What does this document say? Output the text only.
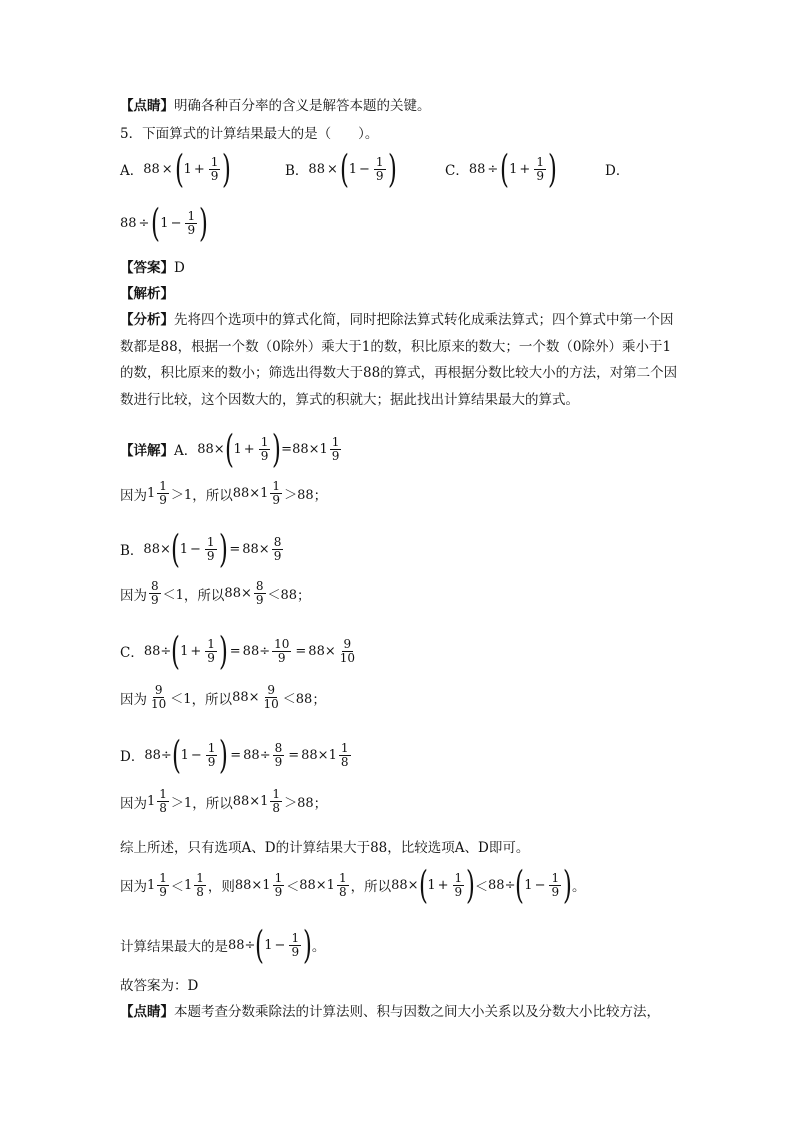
【点睛】明确各种百分率的含义是解答本题的关键。
5．下面算式的计算结果最大的是（　　）。
A． 88 × ( $1 + \frac{1}{9}$ )	B． 88 × ( $1 - \frac{1}{9}$ )	C． 88 ÷ ( $1 + \frac{1}{9}$ )	D．
88 ÷ ( $1 - \frac{1}{9}$ )
【答案】D
【解析】
【分析】先将四个选项中的算式化简，同时把除法算式转化成乘法算式；四个算式中第一个因数都是88，根据一个数（0除外）乘大于1的数，积比原来的数大；一个数（0除外）乘小于1的数，积比原来的数小；筛选出得数大于88的算式，再根据分数比较大小的方法，对第二个因数进行比较，这个因数大的，算式的积就大；据此找出计算结果最大的算式。
【详解】 A． 88× ( $1 + \frac{1}{9}$ ) $=88\times 1 \frac{1}{9}$
因为 $1 \frac{1}{9} >1$ ，所以 $88\times 1 \frac{1}{9} >88$ ；
B． 88× ( $1 - \frac{1}{9}$ ) = $88\times \frac{8}{9}$
因为 $\frac{8}{9} <1$ ，所以 $88\times \frac{8}{9} <88$ ；
C． 88÷ ( $1 + \frac{1}{9}$ ) = $88\div \frac{10}{9} = 88\times \frac{9}{10}$
因为 $\frac{9}{10} <1$ ，所以 $88\times \frac{9}{10} <88$ ；
D． 88÷ ( $1 - \frac{1}{9}$ ) = $88\div \frac{8}{9} = 88\times 1 \frac{1}{8}$
因为 $1 \frac{1}{8} >1$ ，所以 $88\times 1 \frac{1}{8} >88$ ；
综上所述，只有选项A、D的计算结果大于88，比较选项A、D即可。
因为 $1 \frac{1}{9} < 1 \frac{1}{8}$ ，则 $88\times 1 \frac{1}{9} < 88\times 1 \frac{1}{8}$ ，所以 88× ( $1 + \frac{1}{9}$ ) ＜ 88÷ ( $1 - \frac{1}{9}$ ) 。
计算结果最大的是 88÷ ( $1 - \frac{1}{9}$ ) 。
故答案为：D
【点睛】本题考查分数乘除法的计算法则、积与因数之间大小关系以及分数大小比较方法，
